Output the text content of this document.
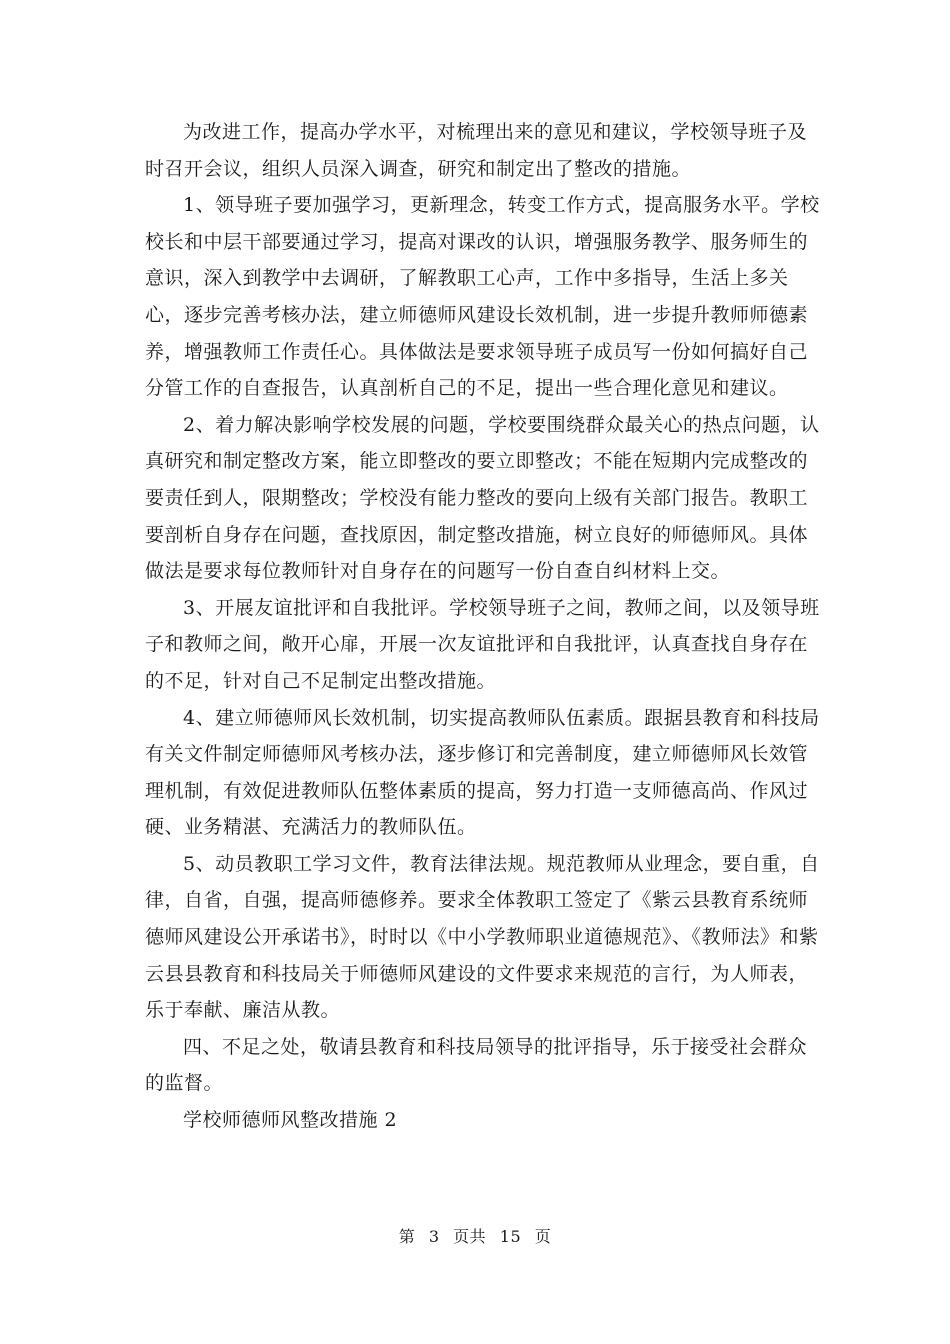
为改进工作，提高办学水平，对梳理出来的意见和建议，学校领导班子及
时召开会议，组织人员深入调查，研究和制定出了整改的措施。
1、领导班子要加强学习，更新理念，转变工作方式，提高服务水平。学校
校长和中层干部要通过学习，提高对课改的认识，增强服务教学、服务师生的
意识，深入到教学中去调研，了解教职工心声，工作中多指导，生活上多关
心，逐步完善考核办法，建立师德师风建设长效机制，进一步提升教师师德素
养，增强教师工作责任心。具体做法是要求领导班子成员写一份如何搞好自己
分管工作的自查报告，认真剖析自己的不足，提出一些合理化意见和建议。
2、着力解决影响学校发展的问题，学校要围绕群众最关心的热点问题，认
真研究和制定整改方案，能立即整改的要立即整改；不能在短期内完成整改的
要责任到人，限期整改；学校没有能力整改的要向上级有关部门报告。教职工
要剖析自身存在问题，查找原因，制定整改措施，树立良好的师德师风。具体
做法是要求每位教师针对自身存在的问题写一份自查自纠材料上交。
3、开展友谊批评和自我批评。学校领导班子之间，教师之间，以及领导班
子和教师之间，敞开心扉，开展一次友谊批评和自我批评，认真查找自身存在
的不足，针对自己不足制定出整改措施。
4、建立师德师风长效机制，切实提高教师队伍素质。跟据县教育和科技局
有关文件制定师德师风考核办法，逐步修订和完善制度，建立师德师风长效管
理机制，有效促进教师队伍整体素质的提高，努力打造一支师德高尚、作风过
硬、业务精湛、充满活力的教师队伍。
5、动员教职工学习文件，教育法律法规。规范教师从业理念，要自重，自
律，自省，自强，提高师德修养。要求全体教职工签定了《紫云县教育系统师
德师风建设公开承诺书》，时时以《中小学教师职业道德规范》、《教师法》和紫
云县县教育和科技局关于师德师风建设的文件要求来规范的言行，为人师表，
乐于奉献、廉洁从教。
四、不足之处，敬请县教育和科技局领导的批评指导，乐于接受社会群众
的监督。
学校师德师风整改措施 2
第 3 页共 15 页
